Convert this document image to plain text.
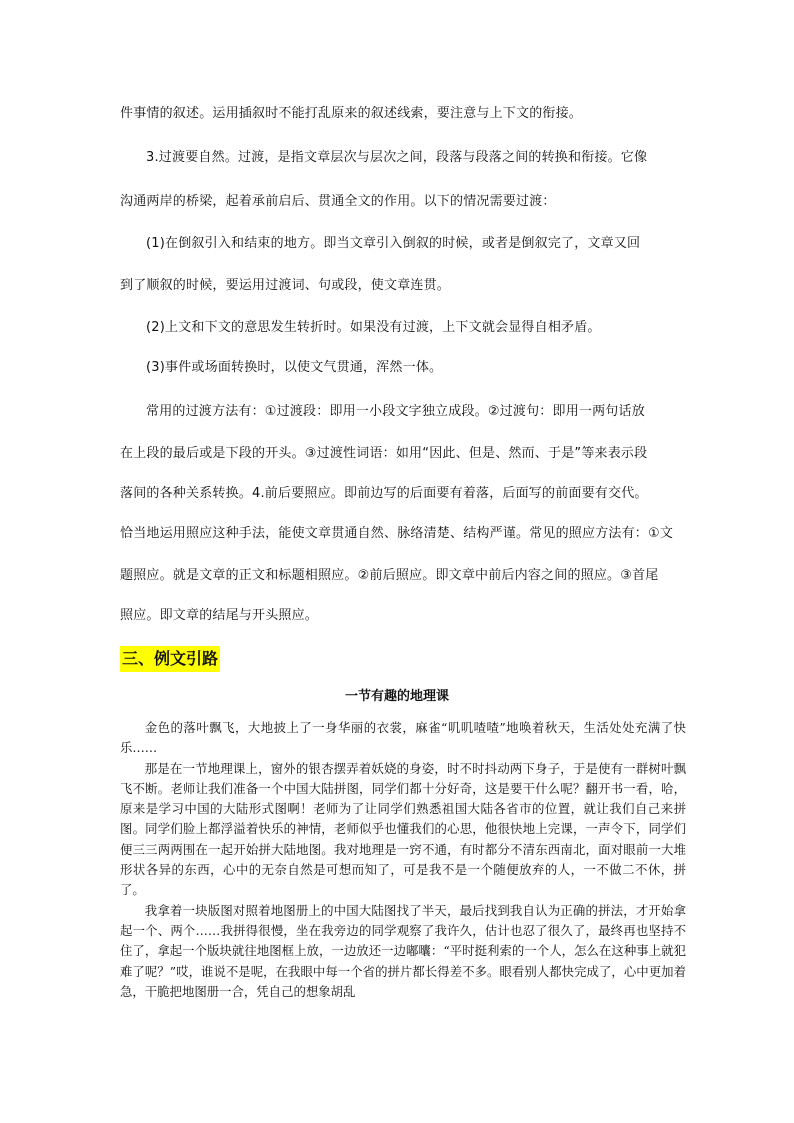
件事情的叙述。运用插叙时不能打乱原来的叙述线索，要注意与上下文的衔接。
3.过渡要自然。过渡，是指文章层次与层次之间，段落与段落之间的转换和衔接。它像
沟通两岸的桥梁，起着承前启后、贯通全文的作用。以下的情况需要过渡：
(1)在倒叙引入和结束的地方。即当文章引入倒叙的时候，或者是倒叙完了，文章又回
到了顺叙的时候，要运用过渡词、句或段，使文章连贯。
(2)上文和下文的意思发生转折时。如果没有过渡，上下文就会显得自相矛盾。
(3)事件或场面转换时，以使文气贯通，浑然一体。
常用的过渡方法有：①过渡段：即用一小段文字独立成段。②过渡句：即用一两句话放
在上段的最后或是下段的开头。③过渡性词语：如用“因此、但是、然而、于是”等来表示段
落间的各种关系转换。4.前后要照应。即前边写的后面要有着落，后面写的前面要有交代。
恰当地运用照应这种手法，能使文章贯通自然、脉络清楚、结构严谨。常见的照应方法有：①文
题照应。就是文章的正文和标题相照应。②前后照应。即文章中前后内容之间的照应。③首尾
照应。即文章的结尾与开头照应。
三、例文引路
一节有趣的地理课

金色的落叶飘飞，大地披上了一身华丽的衣裳，麻雀“叽叽喳喳”地唤着秋天，生活处处充满了快乐……

那是在一节地理课上，窗外的银杏摆弄着妖娆的身姿，时不时抖动两下身子，于是使有一群树叶飘飞不断。老师让我们准备一个中国大陆拼图，同学们都十分好奇，这是要干什么呢？翻开书一看，哈，原来是学习中国的大陆形式图啊！老师为了让同学们熟悉祖国大陆各省市的位置，就让我们自己来拼图。同学们脸上都浮溢着快乐的神情，老师似乎也懂我们的心思，他很快地上完课，一声令下，同学们便三三两两围在一起开始拼大陆地图。我对地理是一窍不通，有时都分不清东西南北，面对眼前一大堆形状各异的东西，心中的无奈自然是可想而知了，可是我不是一个随便放弃的人，一不做二不休，拼了。

我拿着一块版图对照着地图册上的中国大陆图找了半天，最后找到我自认为正确的拼法，才开始拿起一个、两个……我拼得很慢，坐在我旁边的同学观察了我许久，估计也忍了很久了，最终再也坚持不住了，拿起一个版块就往地图框上放，一边放还一边嘟囔：“平时挺利索的一个人，怎么在这种事上就犯难了呢？”哎，谁说不是呢，在我眼中每一个省的拼片都长得差不多。眼看别人都快完成了，心中更加着急，干脆把地图册一合，凭自己的想象胡乱
